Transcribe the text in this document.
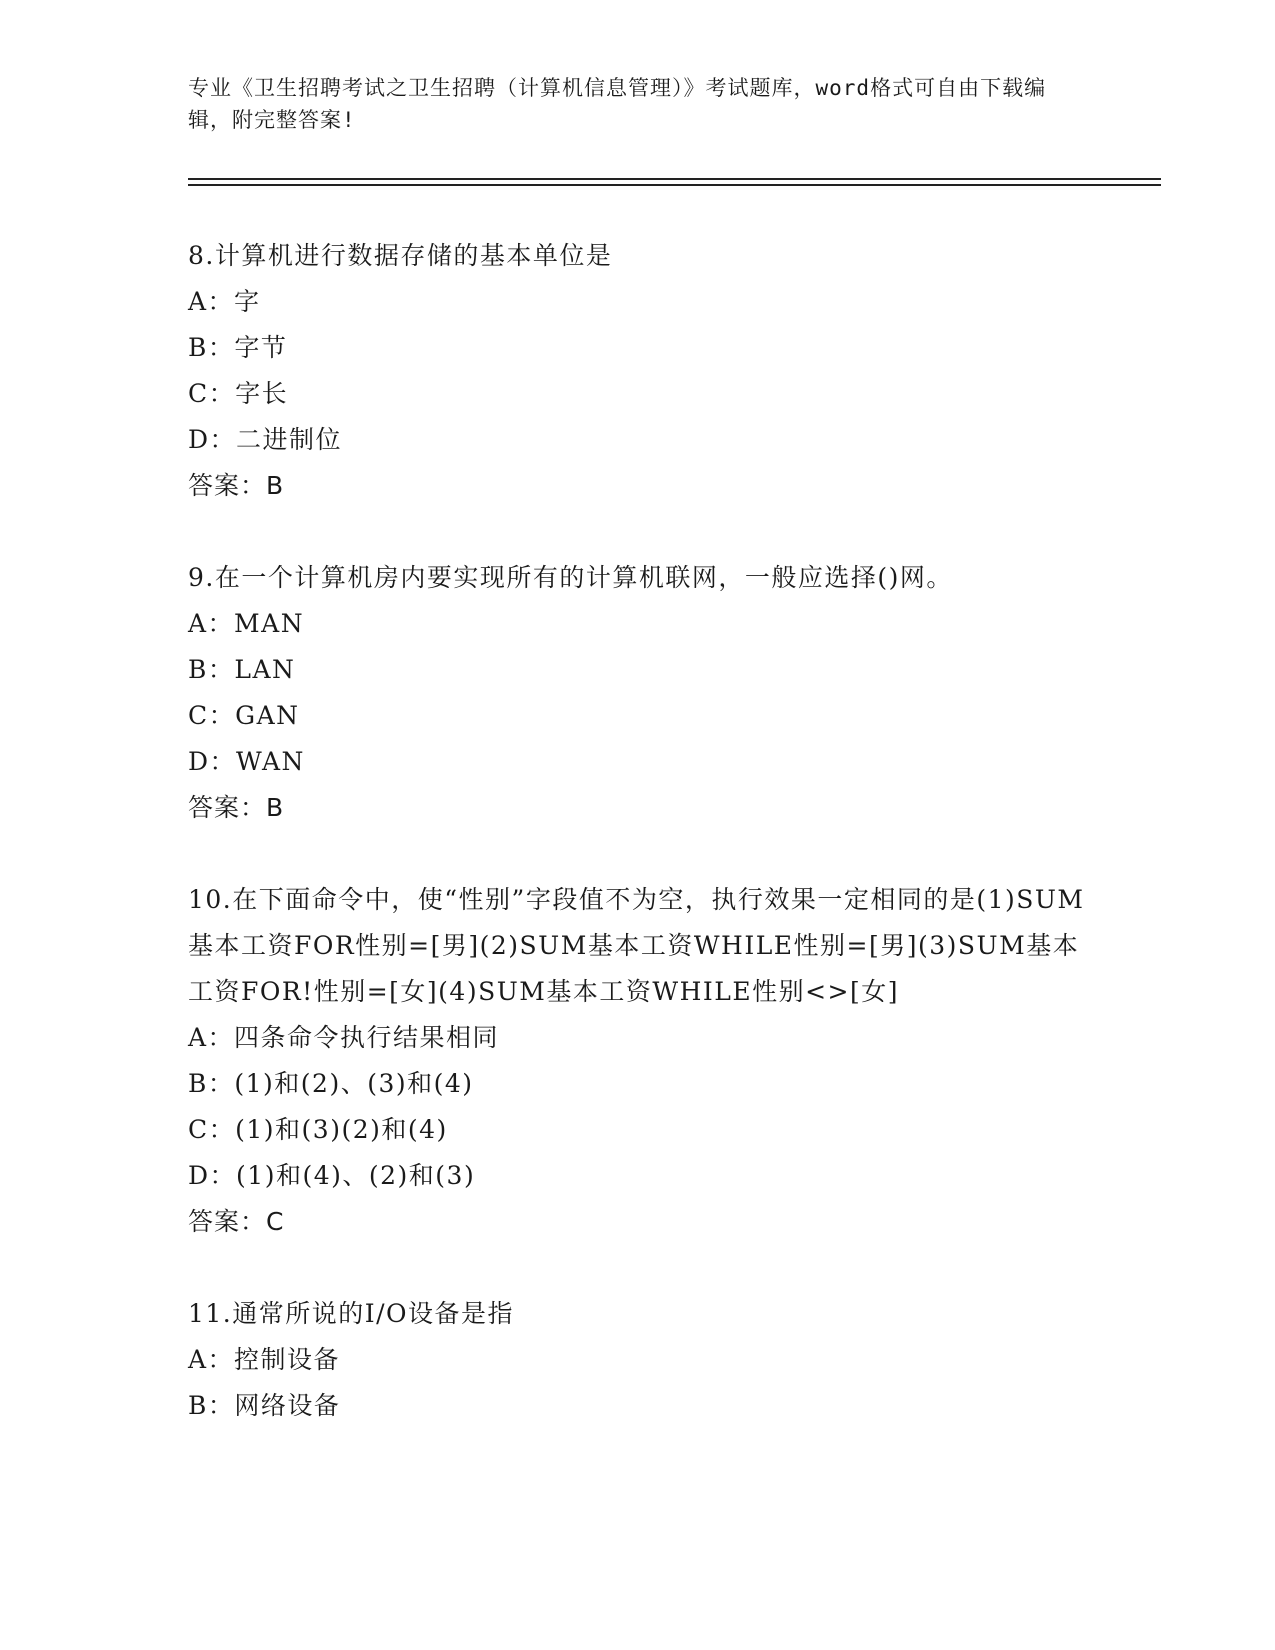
专业《卫生招聘考试之卫生招聘（计算机信息管理）》考试题库，word格式可自由下载编辑，附完整答案!
8.计算机进行数据存储的基本单位是
A：字
B：字节
C：字长
D：二进制位
答案：B
9.在一个计算机房内要实现所有的计算机联网，一般应选择()网。
A：MAN
B：LAN
C：GAN
D：WAN
答案：B
10.在下面命令中，使“性别”字段值不为空，执行效果一定相同的是(1)SUM基本工资FOR性别=[男](2)SUM基本工资WHILE性别=[男](3)SUM基本工资FOR!性别=[女](4)SUM基本工资WHILE性别<>[女]
A：四条命令执行结果相同
B：(1)和(2)、(3)和(4)
C：(1)和(3)(2)和(4)
D：(1)和(4)、(2)和(3)
答案：C
11.通常所说的I/O设备是指
A：控制设备
B：网络设备
